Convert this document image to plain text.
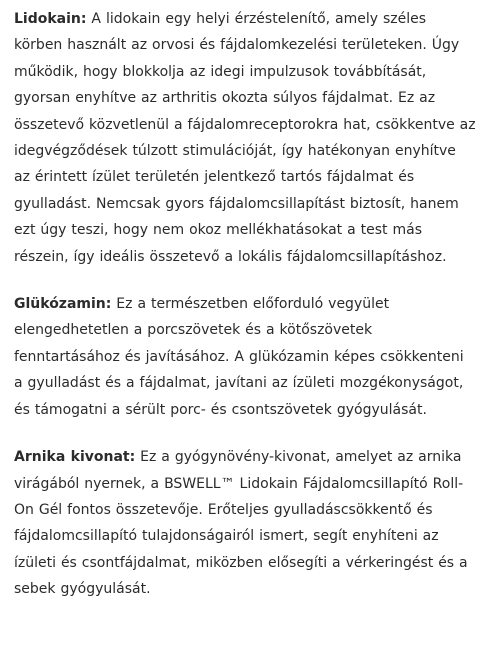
Lidokain: A lidokain egy helyi érzéstelenítő, amely széles körben használt az orvosi és fájdalomkezelési területeken. Úgy működik, hogy blokkolja az idegi impulzusok továbbítását, gyorsan enyhítve az arthritis okozta súlyos fájdalmat. Ez az összetevő közvetlenül a fájdalomreceptorokra hat, csökkentve az idegvégződések túlzott stimulációját, így hatékonyan enyhítve az érintett ízület területén jelentkező tartós fájdalmat és gyulladást. Nemcsak gyors fájdalomcsillapítást biztosít, hanem ezt úgy teszi, hogy nem okoz mellékhatásokat a test más részein, így ideális összetevő a lokális fájdalomcsillapításhoz.

Glükózamin: Ez a természetben előforduló vegyület elengedhetetlen a porcszövetek és a kötőszövetek fenntartásához és javításához. A glükózamin képes csökkenteni a gyulladást és a fájdalmat, javítani az ízületi mozgékonyságot, és támogatni a sérült porc- és csontszövetek gyógyulását.

Arnika kivonat: Ez a gyógynövény-kivonat, amelyet az arnika virágából nyernek, a BSWELL™ Lidokain Fájdalomcsillapító Roll-On Gél fontos összetevője. Erőteljes gyulladáscsökkentő és fájdalomcsillapító tulajdonságairól ismert, segít enyhíteni az ízületi és csontfájdalmat, miközben elősegíti a vérkeringést és a sebek gyógyulását.
